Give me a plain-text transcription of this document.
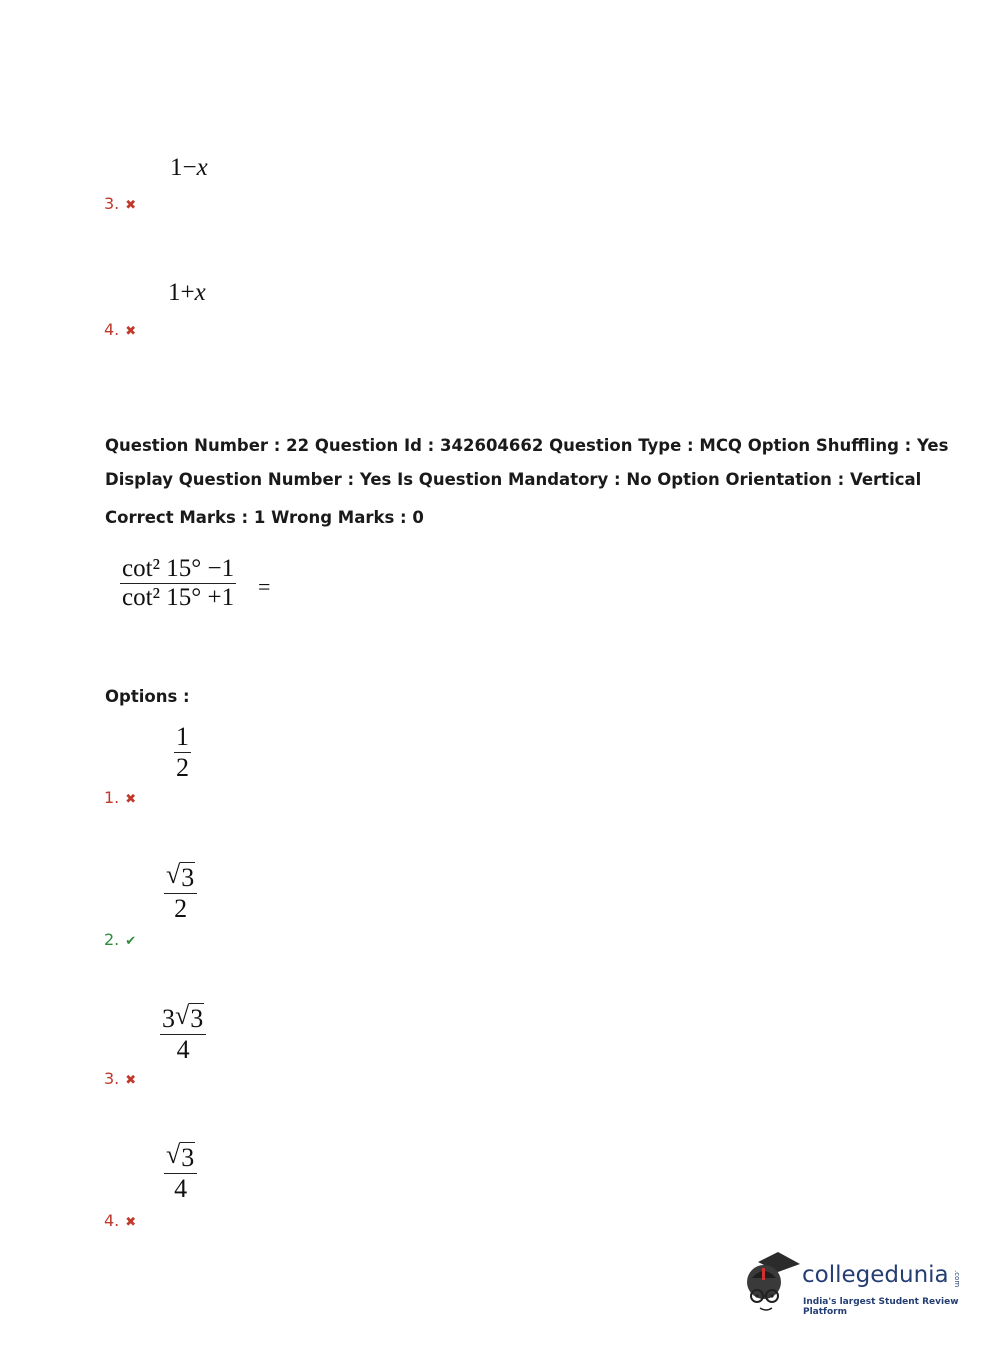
1−x
3. ✖
1+x
4. ✖
Question Number : 22 Question Id : 342604662 Question Type : MCQ Option Shuffling : Yes
Display Question Number : Yes Is Question Mandatory : No Option Orientation : Vertical
Correct Marks : 1 Wrong Marks : 0
$\frac{\text{cot² 15° −1}}{\text{cot² 15° +1}}$ =
Options :
$\frac{1}{2}$
1. ✖
$\frac{√3}{2}$
2. ✔
$\frac{3√3}{4}$
3. ✖
$\frac{√3}{4}$
4. ✖
collegedunia .com
India's largest Student Review Platform
